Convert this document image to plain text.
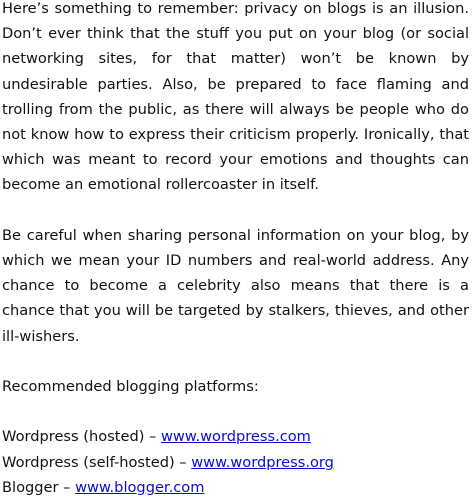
Here’s something to remember: privacy on blogs is an illusion. Don’t ever think that the stuff you put on your blog (or social networking sites, for that matter) won’t be known by undesirable parties. Also, be prepared to face flaming and trolling from the public, as there will always be people who do not know how to express their criticism properly. Ironically, that which was meant to record your emotions and thoughts can become an emotional rollercoaster in itself.

Be careful when sharing personal information on your blog, by which we mean your ID numbers and real-world address. Any chance to become a celebrity also means that there is a chance that you will be targeted by stalkers, thieves, and other ill-wishers.

Recommended blogging platforms:

Wordpress (hosted) – www.wordpress.com

Wordpress (self-hosted) – www.wordpress.org

Blogger – www.blogger.com
